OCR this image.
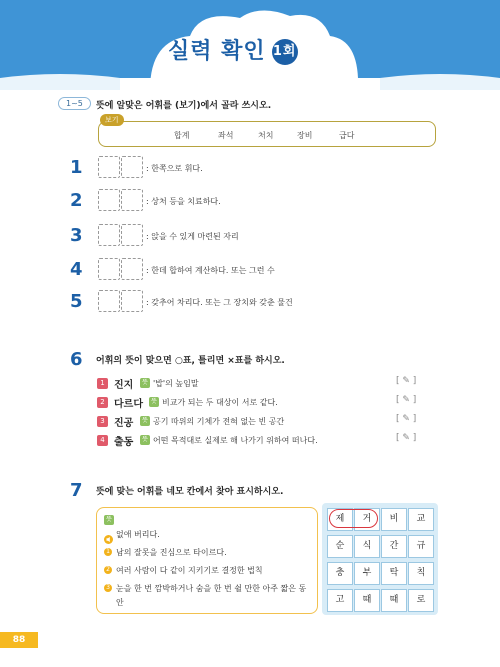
실력 확인 1회
1~5	뜻에 알맞은 어휘를 (보기)에서 골라 쓰시오.
보기
합계	좌석	처치	장비	급다
1	: 한쪽으로 휘다.
2	: 상처 등을 치료하다.
3	: 앉을 수 있게 마련된 자리
4	: 한데 합하여 계산하다. 또는 그런 수
5	: 갖추어 차리다. 또는 그 장치와 갖춘 물건
6 어휘의 뜻이 맞으면 ○표, 틀리면 ×표를 하시오.
1 진지	뜻 '밥'의 높임말	[ ✎ ]
2 다르다	뜻 비교가 되는 두 대상이 서로 같다.	[ ✎ ]
3 진공	뜻 공기 따위의 기체가 전혀 없는 빈 공간	[ ✎ ]
4 출동	뜻 어떤 목적대로 실제로 해 나가기 위하여 떠나다.	[ ✎ ]
7 뜻에 맞는 어휘를 네모 칸에서 찾아 표시하시오.
뜻
없애 버리다.
1 남의 잘못을 진심으로 타이르다.
2 여러 사람이 다 같이 지키기로 결정한 법칙
3 눈을 한 번 깜박하거나 숨을 한 번 쉴 만한 아주 짧은 동
안
제	거	비	교
순	식	간	규
충	부	탁	칙
고	때	때	로
88
